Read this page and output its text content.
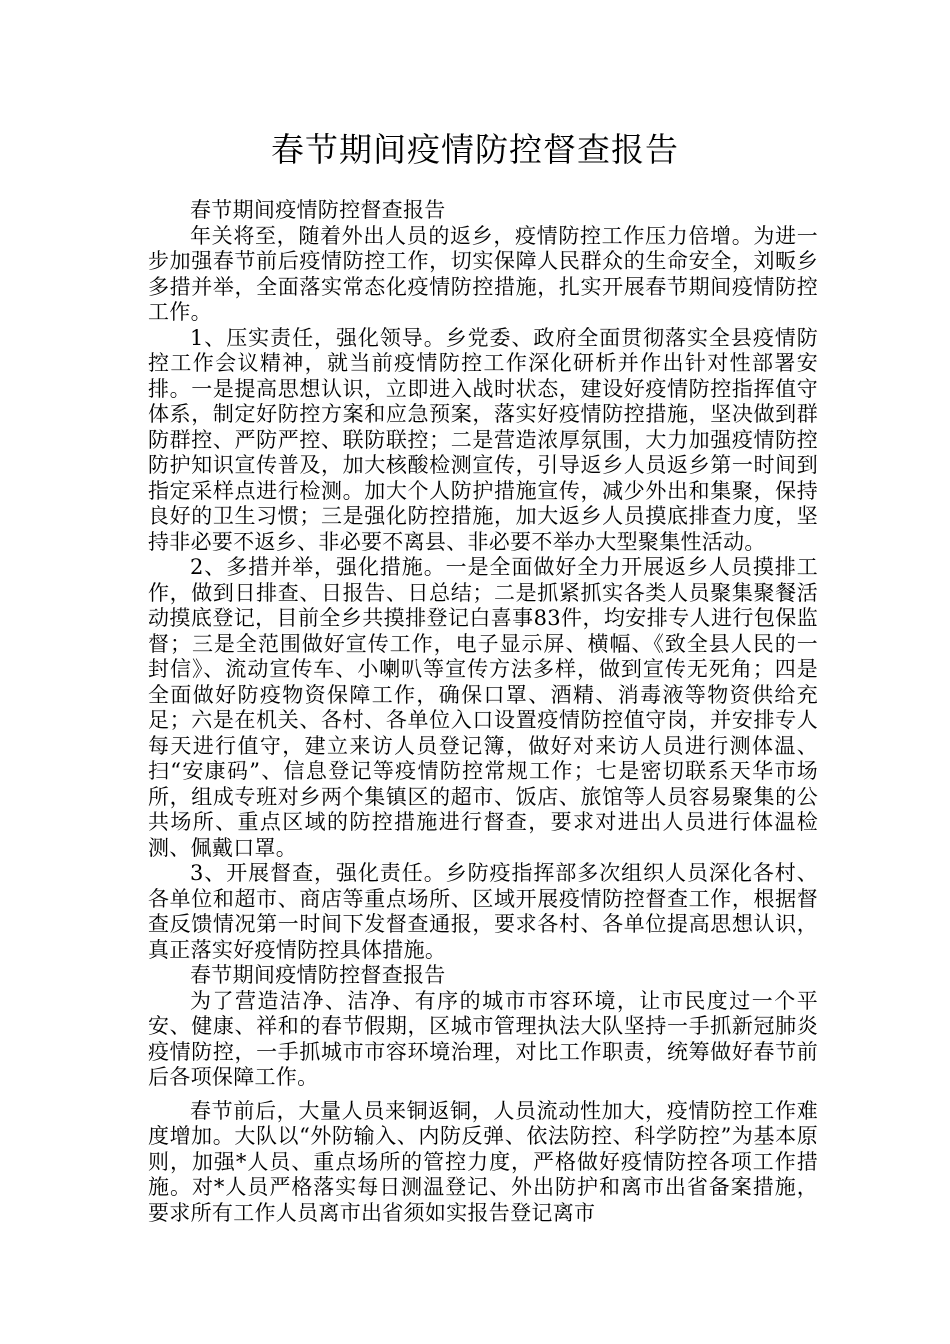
春节期间疫情防控督查报告

春节期间疫情防控督查报告

年关将至，随着外出人员的返乡，疫情防控工作压力倍增。为进一步加强春节前后疫情防控工作，切实保障人民群众的生命安全，刘畈乡多措并举，全面落实常态化疫情防控措施，扎实开展春节期间疫情防控工作。

1、压实责任，强化领导。乡党委、政府全面贯彻落实全县疫情防控工作会议精神，就当前疫情防控工作深化研析并作出针对性部署安排。一是提高思想认识，立即进入战时状态，建设好疫情防控指挥值守体系，制定好防控方案和应急预案，落实好疫情防控措施，坚决做到群防群控、严防严控、联防联控；二是营造浓厚氛围，大力加强疫情防控防护知识宣传普及，加大核酸检测宣传，引导返乡人员返乡第一时间到指定采样点进行检测。加大个人防护措施宣传，减少外出和集聚，保持良好的卫生习惯；三是强化防控措施，加大返乡人员摸底排查力度，坚持非必要不返乡、非必要不离县、非必要不举办大型聚集性活动。

2、多措并举，强化措施。一是全面做好全力开展返乡人员摸排工作，做到日排查、日报告、日总结；二是抓紧抓实各类人员聚集聚餐活动摸底登记，目前全乡共摸排登记白喜事83件，均安排专人进行包保监督；三是全范围做好宣传工作，电子显示屏、横幅、《致全县人民的一封信》、流动宣传车、小喇叭等宣传方法多样，做到宣传无死角；四是全面做好防疫物资保障工作，确保口罩、酒精、消毒液等物资供给充足；六是在机关、各村、各单位入口设置疫情防控值守岗，并安排专人每天进行值守，建立来访人员登记簿，做好对来访人员进行测体温、扫“安康码”、信息登记等疫情防控常规工作；七是密切联系天华市场所，组成专班对乡两个集镇区的超市、饭店、旅馆等人员容易聚集的公共场所、重点区域的防控措施进行督查，要求对进出人员进行体温检测、佩戴口罩。

3、开展督查，强化责任。乡防疫指挥部多次组织人员深化各村、各单位和超市、商店等重点场所、区域开展疫情防控督查工作，根据督查反馈情况第一时间下发督查通报，要求各村、各单位提高思想认识，真正落实好疫情防控具体措施。

春节期间疫情防控督查报告

为了营造洁净、洁净、有序的城市市容环境，让市民度过一个平安、健康、祥和的春节假期，区城市管理执法大队坚持一手抓新冠肺炎疫情防控，一手抓城市市容环境治理，对比工作职责，统筹做好春节前后各项保障工作。

春节前后，大量人员来铜返铜，人员流动性加大，疫情防控工作难度增加。大队以“外防输入、内防反弹、依法防控、科学防控”为基本原则，加强*人员、重点场所的管控力度，严格做好疫情防控各项工作措施。对*人员严格落实每日测温登记、外出防护和离市出省备案措施，要求所有工作人员离市出省须如实报告登记离市
